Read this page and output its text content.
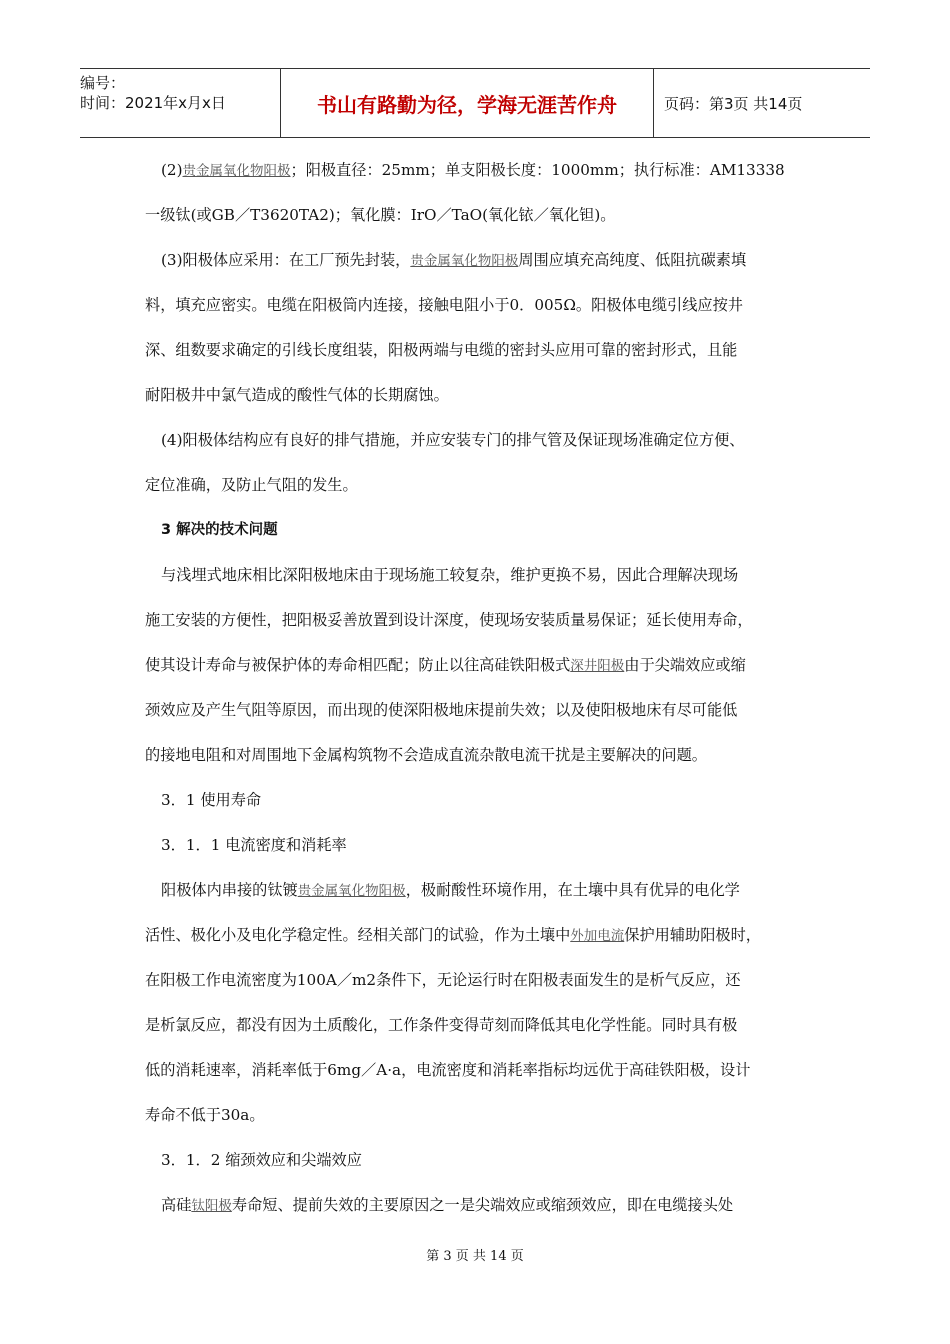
编号：
时间：2021年x月x日	书山有路勤为径，学海无涯苦作舟	页码：第3页 共14页
(2)贵金属氧化物阳极；阳极直径：25mm；单支阳极长度：1000mm；执行标准：AM13338
一级钛(或GB／T3620TA2)；氧化膜：IrO／TaO(氧化铱／氧化钽)。
(3)阳极体应采用：在工厂预先封装，贵金属氧化物阳极周围应填充高纯度、低阻抗碳素填
料，填充应密实。电缆在阳极筒内连接，接触电阻小于0．005Ω。阳极体电缆引线应按井
深、组数要求确定的引线长度组装，阳极两端与电缆的密封头应用可靠的密封形式，且能
耐阳极井中氯气造成的酸性气体的长期腐蚀。
(4)阳极体结构应有良好的排气措施，并应安装专门的排气管及保证现场准确定位方便、
定位准确，及防止气阻的发生。
3 解决的技术问题
与浅埋式地床相比深阳极地床由于现场施工较复杂，维护更换不易，因此合理解决现场
施工安装的方便性，把阳极妥善放置到设计深度，使现场安装质量易保证；延长使用寿命，
使其设计寿命与被保护体的寿命相匹配；防止以往高硅铁阳极式深井阳极由于尖端效应或缩
颈效应及产生气阻等原因，而出现的使深阳极地床提前失效；以及使阳极地床有尽可能低
的接地电阻和对周围地下金属构筑物不会造成直流杂散电流干扰是主要解决的问题。
3．1 使用寿命
3．1．1 电流密度和消耗率
阳极体内串接的钛镀贵金属氧化物阳极，极耐酸性环境作用，在土壤中具有优异的电化学
活性、极化小及电化学稳定性。经相关部门的试验，作为土壤中外加电流保护用辅助阳极时，
在阳极工作电流密度为100A／m2条件下，无论运行时在阳极表面发生的是析气反应，还
是析氯反应，都没有因为土质酸化，工作条件变得苛刻而降低其电化学性能。同时具有极
低的消耗速率，消耗率低于6mg／A·a，电流密度和消耗率指标均远优于高硅铁阳极，设计
寿命不低于30a。
3．1．2 缩颈效应和尖端效应
高硅钛阳极寿命短、提前失效的主要原因之一是尖端效应或缩颈效应，即在电缆接头处
第 3 页 共 14 页
